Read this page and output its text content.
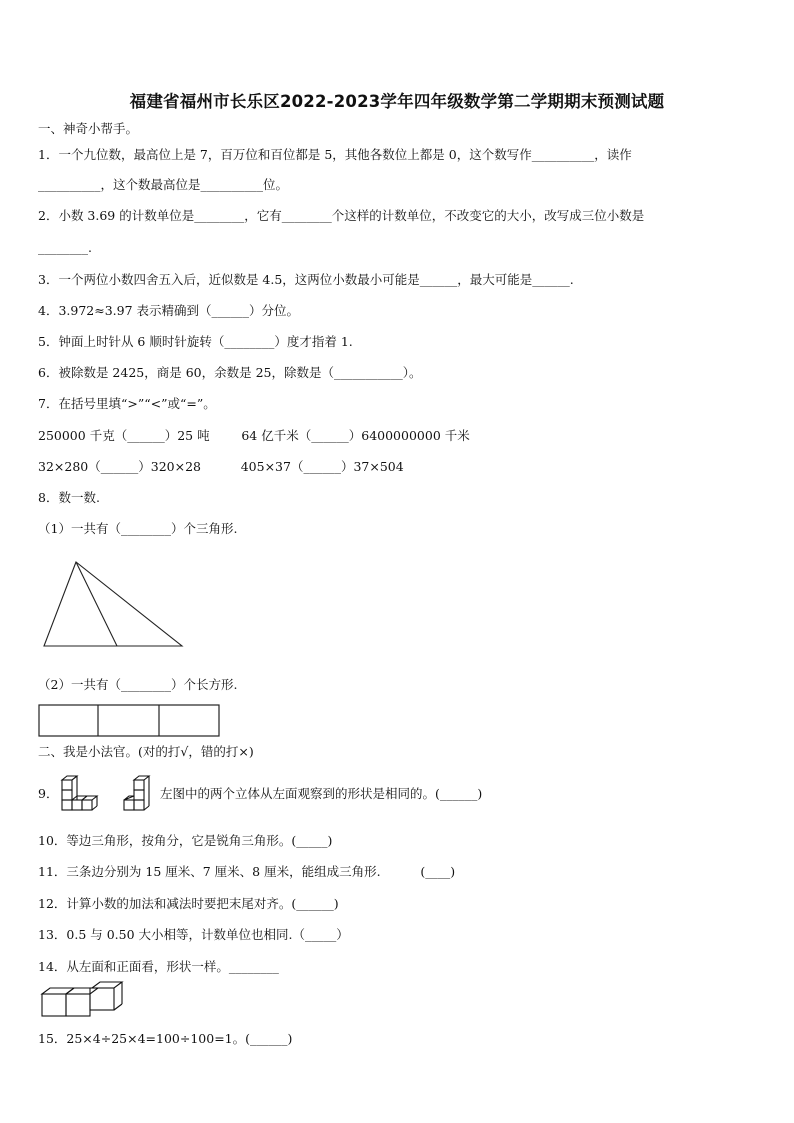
福建省福州市长乐区2022-2023学年四年级数学第二学期期末预测试题
一、神奇小帮手。
1．一个九位数，最高位上是 7，百万位和百位都是 5，其他各数位上都是 0，这个数写作__________，读作
__________，这个数最高位是__________位。
2．小数 3.69 的计数单位是________，它有________个这样的计数单位，不改变它的大小，改写成三位小数是
________.
3．一个两位小数四舍五入后，近似数是 4.5，这两位小数最小可能是______，最大可能是______.
4．3.972≈3.97 表示精确到（______）分位。
5．钟面上时针从 6 顺时针旋转（________）度才指着 1.
6．被除数是 2425，商是 60，余数是 25，除数是（___________）。
7．在括号里填“>”“<”或“=”。
250000 千克（______）25 吨        64 亿千米（______）6400000000 千米
32×280（______）320×28          405×37（______）37×504
8．数一数.
（1）一共有（________）个三角形.
（2）一共有（________）个长方形.
二、我是小法官。(对的打√，错的打×)
9．	左图中的两个立体从左面观察到的形状是相同的。(______)
10．等边三角形，按角分，它是锐角三角形。(_____)
11．三条边分别为 15 厘米、7 厘米、8 厘米，能组成三角形.          (____)
12．计算小数的加法和减法时要把末尾对齐。(______)
13．0.5 与 0.50 大小相等，计数单位也相同.（_____）
14．从左面和正面看，形状一样。________
15．25×4÷25×4=100÷100=1。(______)
